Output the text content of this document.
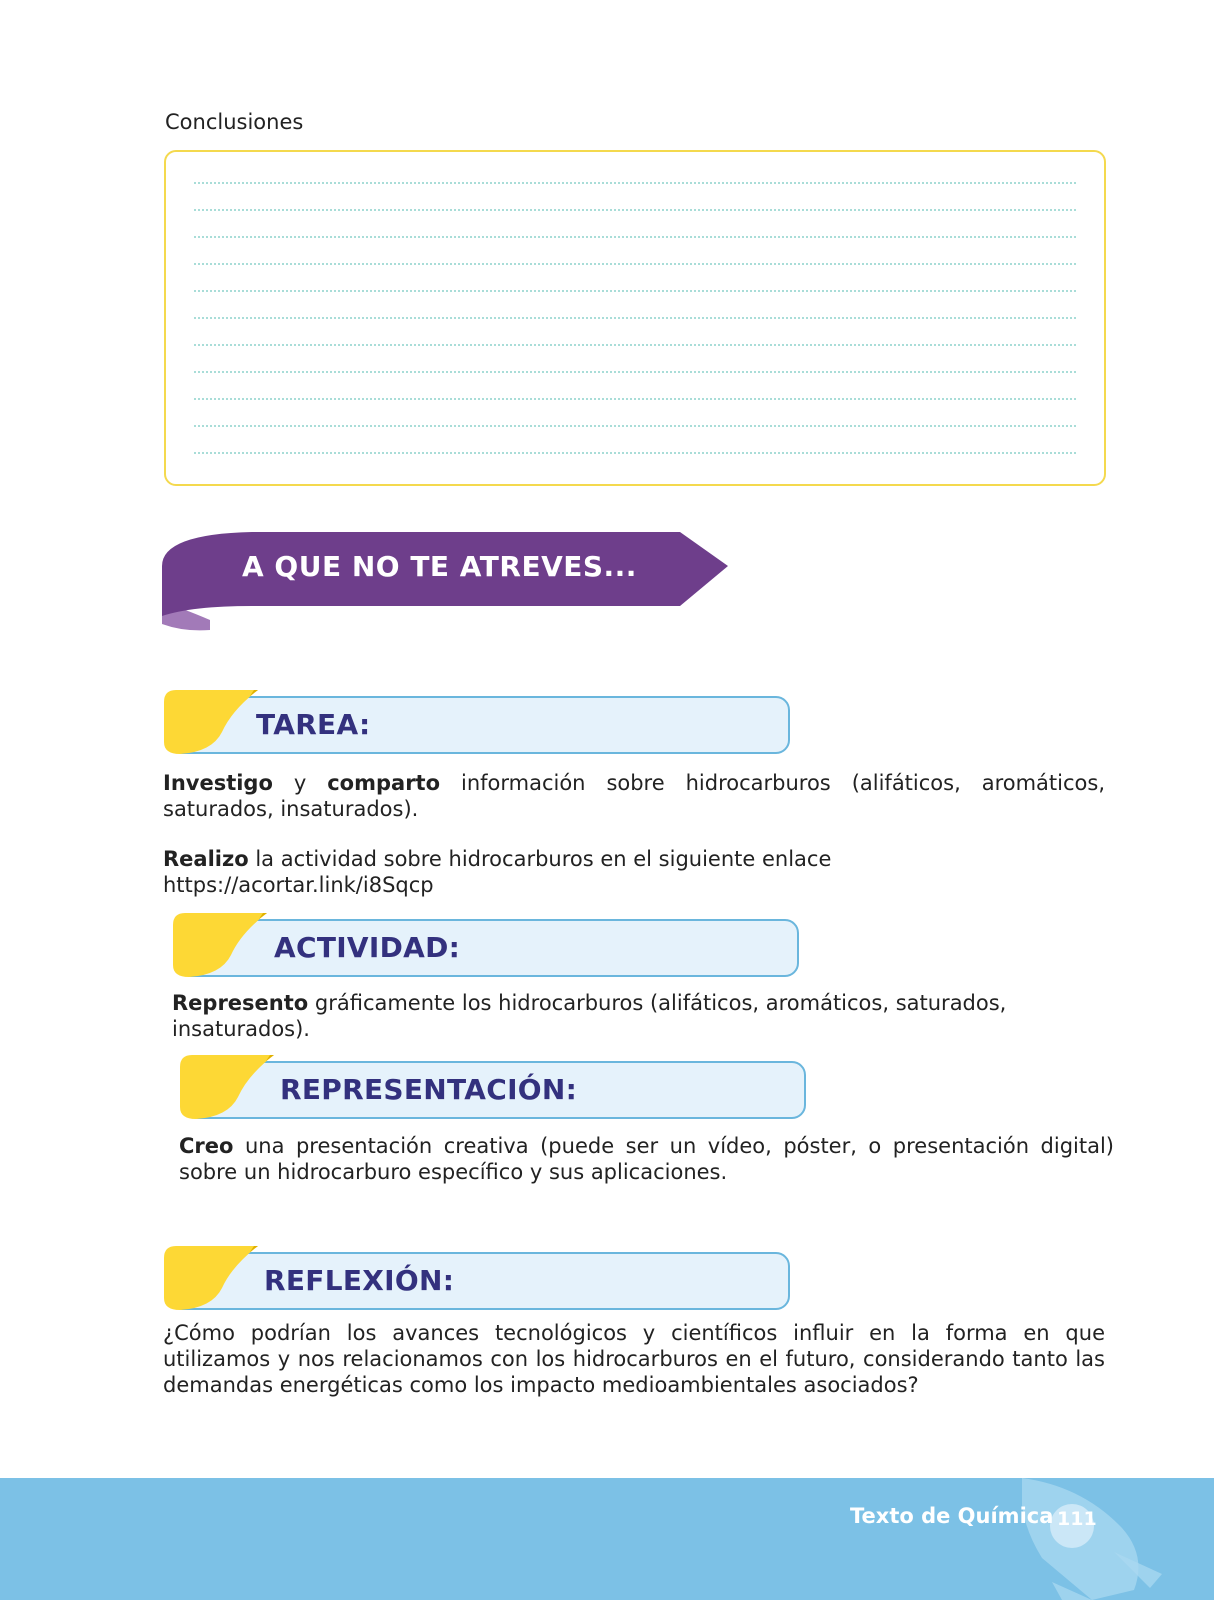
Conclusiones
A QUE NO TE ATREVES...
TAREA:
Investigo y comparto información sobre hidrocarburos (alifáticos, aromáticos, saturados, insaturados).
Realizo la actividad sobre hidrocarburos en el siguiente enlace https://acortar.link/i8Sqcp
ACTIVIDAD:
Represento gráficamente los hidrocarburos (alifáticos, aromáticos, saturados, insaturados).
REPRESENTACIÓN:
Creo una presentación creativa (puede ser un vídeo, póster, o presentación digital) sobre un hidrocarburo específico y sus aplicaciones.
REFLEXIÓN:
¿Cómo podrían los avances tecnológicos y científicos influir en la forma en que utilizamos y nos relacionamos con los hidrocarburos en el futuro, considerando tanto las demandas energéticas como los impacto medioambientales asociados?
Texto de Química 111
